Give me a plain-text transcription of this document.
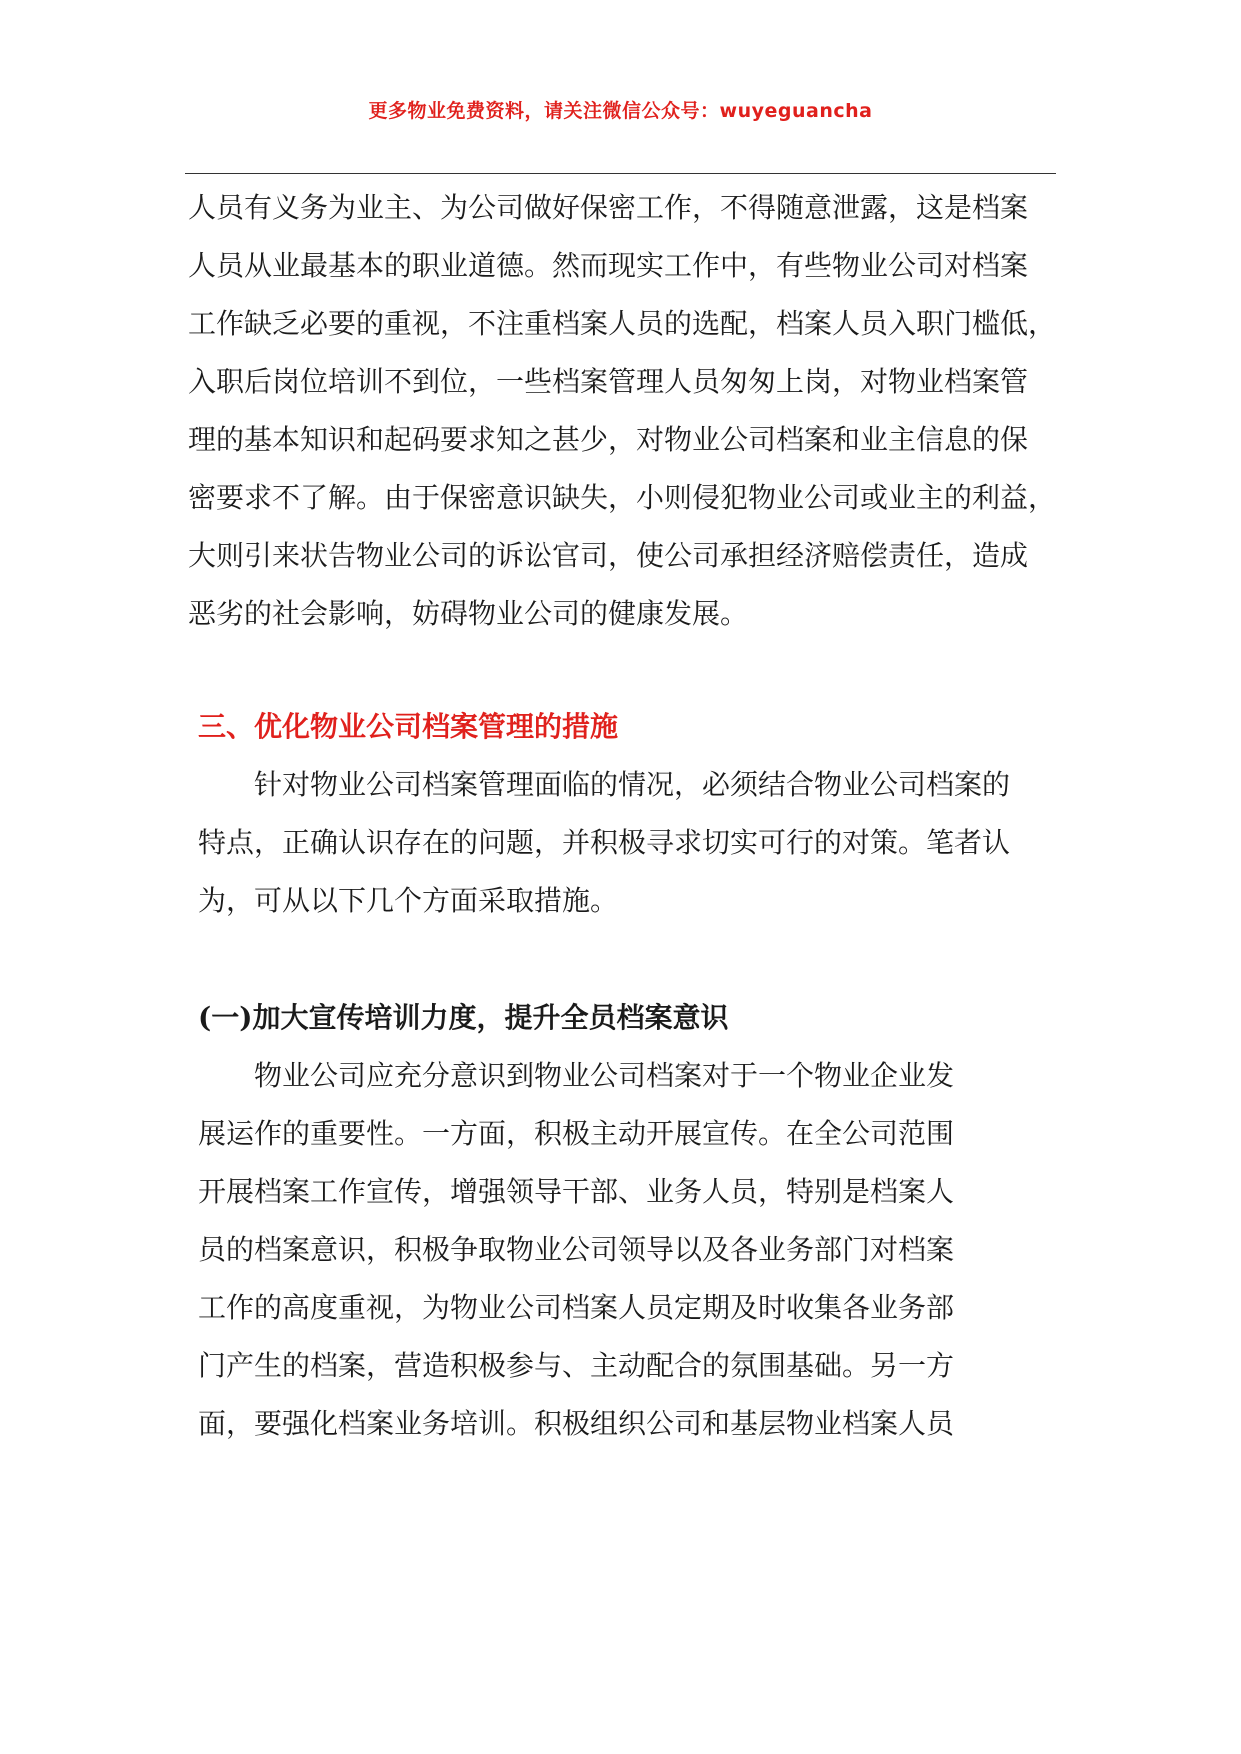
更多物业免费资料，请关注微信公众号：wuyeguancha
人员有义务为业主、为公司做好保密工作，不得随意泄露，这是档案
人员从业最基本的职业道德。然而现实工作中，有些物业公司对档案
工作缺乏必要的重视，不注重档案人员的选配，档案人员入职门槛低，
入职后岗位培训不到位，一些档案管理人员匆匆上岗，对物业档案管
理的基本知识和起码要求知之甚少，对物业公司档案和业主信息的保
密要求不了解。由于保密意识缺失，小则侵犯物业公司或业主的利益，
大则引来状告物业公司的诉讼官司，使公司承担经济赔偿责任，造成
恶劣的社会影响，妨碍物业公司的健康发展。
三、优化物业公司档案管理的措施
针对物业公司档案管理面临的情况，必须结合物业公司档案的
特点，正确认识存在的问题，并积极寻求切实可行的对策。笔者认
为，可从以下几个方面采取措施。
(一)加大宣传培训力度，提升全员档案意识
物业公司应充分意识到物业公司档案对于一个物业企业发
展运作的重要性。一方面，积极主动开展宣传。在全公司范围
开展档案工作宣传，增强领导干部、业务人员，特别是档案人
员的档案意识，积极争取物业公司领导以及各业务部门对档案
工作的高度重视，为物业公司档案人员定期及时收集各业务部
门产生的档案，营造积极参与、主动配合的氛围基础。另一方
面，要强化档案业务培训。积极组织公司和基层物业档案人员
